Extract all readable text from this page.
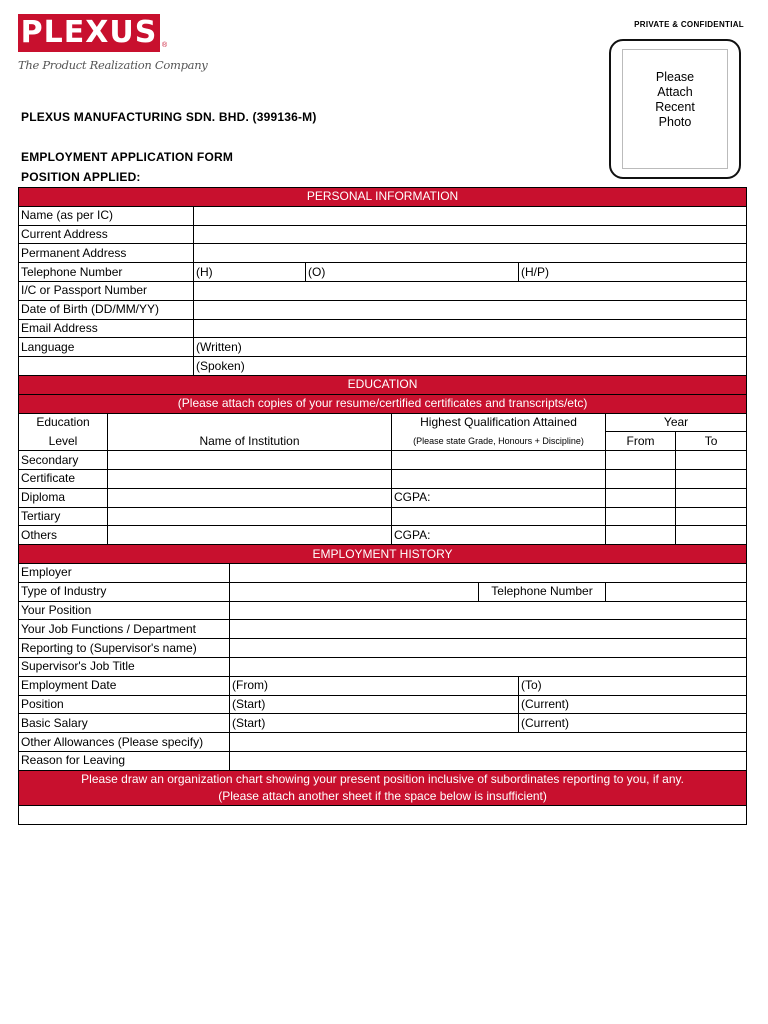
PLEXUS ®
The Product Realization Company
PRIVATE & CONFIDENTIAL
Please
Attach
Recent
Photo
PLEXUS MANUFACTURING SDN. BHD. (399136-M)
EMPLOYMENT APPLICATION FORM
POSITION APPLIED:
PERSONAL INFORMATION									
Name (as per IC)									
Current Address									
Permanent Address									
Telephone Number		(H)		(O)			(H/P)		
I/C or Passport Number									
Date of Birth (DD/MM/YY)									
Email Address									
Language		(Written)							
		(Spoken)							
EDUCATION									
(Please attach copies of your resume/certified certificates and transcripts/etc)									
Education					Highest Qualification Attained			Year	
Level	Name of Institution				(Please state Grade, Honours + Discipline)			From	To
Secondary									
Certificate									
Diploma					CGPA:				
Tertiary									
Others					CGPA:				
EMPLOYMENT HISTORY									
Employer									
Type of Industry						Telephone Number			
Your Position									
Your Job Functions / Department									
Reporting to (Supervisor's name)									
Supervisor's Job Title									
Employment Date			(From)				(To)		
Position			(Start)				(Current)		
Basic Salary			(Start)				(Current)		
Other Allowances (Please specify)									
Reason for Leaving									

Please draw an organization chart showing your present position inclusive of subordinates reporting to you, if any.
(Please attach another sheet if the space below is insufficient)									
